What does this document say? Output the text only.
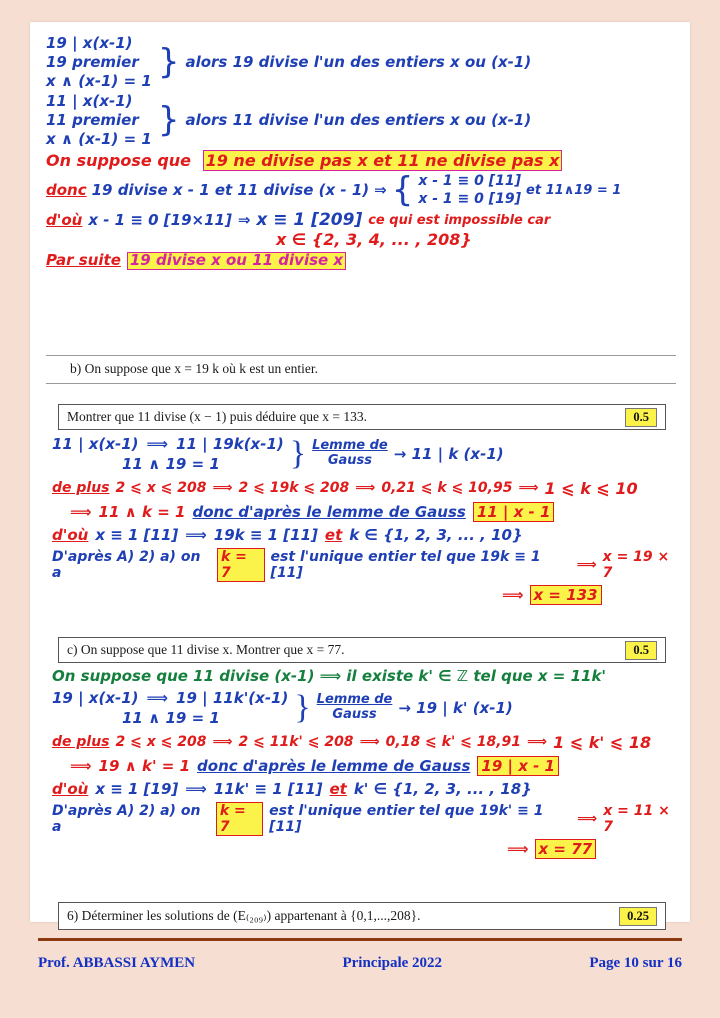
19 | x(x-1)
19 premier
x ∧ (x-1) = 1 } alors 19 divise l'un des entiers x ou (x-1)
11 | x(x-1)
11 premier
x ∧ (x-1) = 1 } alors 11 divise l'un des entiers x ou (x-1)
On suppose que 19 ne divise pas x et 11 ne divise pas x
donc 19 divise x - 1 et 11 divise (x - 1) ⇒ { x - 1 ≡ 0 [11]
x - 1 ≡ 0 [19]
et 11∧19 = 1
d'où x - 1 ≡ 0 [19×11] ⇒ x ≡ 1 [209] ce qui est impossible car
x ∈ {2, 3, 4, ... , 208}
Par suite 19 divise x ou 11 divise x
b) On suppose que x = 19 k où k est un entier.
Montrer que 11 divise (x − 1) puis déduire que x = 133.	0.5
11 | x(x-1) ⟹ 11 | 19k(x-1)
11 ∧ 19 = 1	} Lemme de
Gauss → 11 | k (x-1)
de plus 2 ⩽ x ⩽ 208 ⟹ 2 ⩽ 19k ⩽ 208 ⟹ 0,21 ⩽ k ⩽ 10,95 ⟹ 1 ⩽ k ⩽ 10
⟹ 11 ∧ k = 1 donc d'après le lemme de Gauss 11 | x - 1
d'où x ≡ 1 [11] ⟹ 19k ≡ 1 [11] et k ∈ {1, 2, 3, ... , 10}
D'après A) 2) a) on a
k = 7
est l'unique entier tel que 19k ≡ 1 [11]	⟹ x = 19 × 7
⟹ x = 133
c) On suppose que 11 divise x. Montrer que x = 77.	0.5
On suppose que 11 divise (x-1) ⟹ il existe k' ∈ ℤ tel que x = 11k'
19 | x(x-1) ⟹ 19 | 11k'(x-1)
11 ∧ 19 = 1	} Lemme de
Gauss → 19 | k' (x-1)
de plus 2 ⩽ x ⩽ 208 ⟹ 2 ⩽ 11k' ⩽ 208 ⟹ 0,18 ⩽ k' ⩽ 18,91 ⟹ 1 ⩽ k' ⩽ 18
⟹ 19 ∧ k' = 1 donc d'après le lemme de Gauss 19 | x - 1
d'où x ≡ 1 [19] ⟹ 11k' ≡ 1 [11] et k' ∈ {1, 2, 3, ... , 18}
D'après A) 2) a) on a
k = 7
est l'unique entier tel que 19k' ≡ 1 [11]	⟹ x = 11 × 7
⟹ x = 77
6) Déterminer les solutions de (E₍₂₀₉₎) appartenant à {0,1,...,208}.	0.25
Prof. ABBASSI AYMEN	Principale 2022	Page 10 sur 16
